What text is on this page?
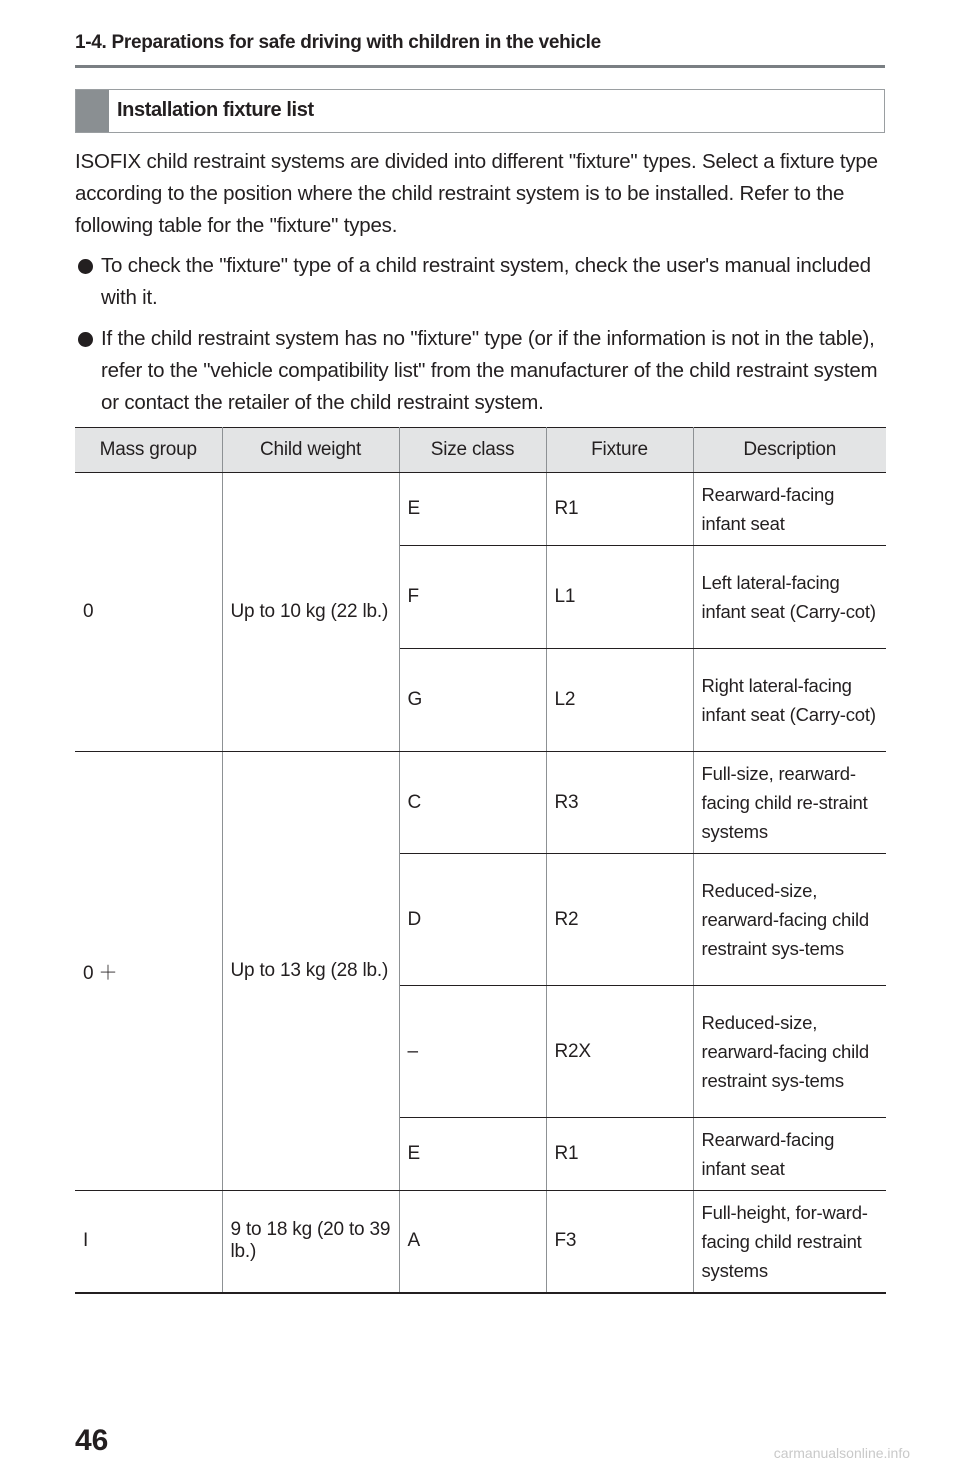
1-4. Preparations for safe driving with children in the vehicle
Installation fixture list
ISOFIX child restraint systems are divided into different "fixture" types. Select a fixture type according to the position where the child restraint system is to be installed. Refer to the following table for the "fixture" types.
To check the "fixture" type of a child restraint system, check the user's manual included with it.
If the child restraint system has no "fixture" type (or if the information is not in the table), refer to the "vehicle compatibility list" from the manufacturer of the child restraint system or contact the retailer of the child restraint system.
Mass group	Child weight	Size class	Fixture	Description
0	Up to 10 kg (22 lb.)	E	R1	Rearward-facing infant seat
		F	L1	Left lateral-facing infant seat (Carry-cot)
		G	L2	Right lateral-facing infant seat (Carry-cot)
0 ＋	Up to 13 kg (28 lb.)	C	R3	Full-size, rearward-facing child re-straint systems
		D	R2	Reduced-size, rearward-facing child restraint sys-tems
		–	R2X	Reduced-size, rearward-facing child restraint sys-tems
		E	R1	Rearward-facing infant seat
I	9 to 18 kg (20 to 39 lb.)	A	F3	Full-height, for-ward-facing child restraint systems
46	carmanualsonline.info
